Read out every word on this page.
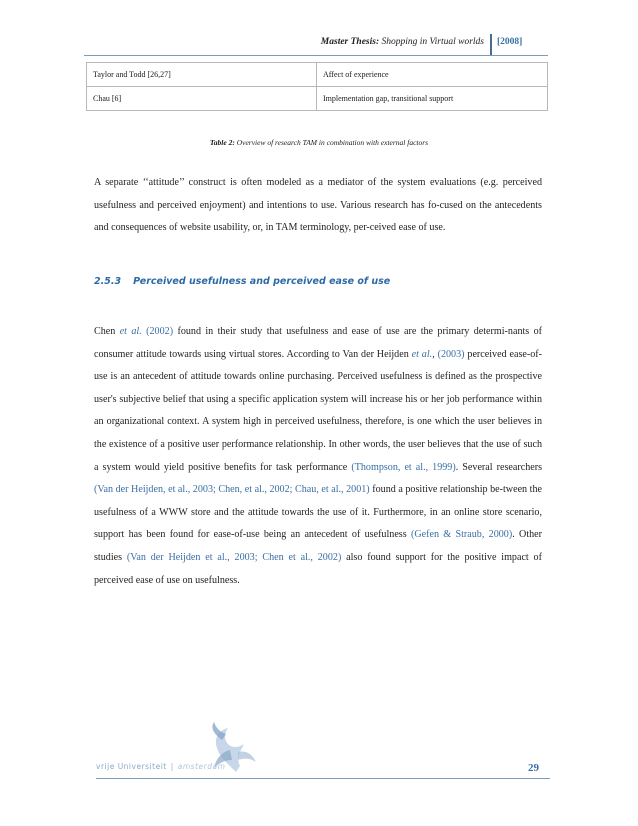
Master Thesis: Shopping in Virtual worlds [2008]
Taylor and Todd [26,27]	Affect of experience
Chau [6]	Implementation gap, transitional support
Table 2: Overview of research TAM in combination with external factors

A separate ‘‘attitude’’ construct is often modeled as a mediator of the system evaluations (e.g. perceived usefulness and perceived enjoyment) and intentions to use. Various research has fo-cused on the antecedents and consequences of website usability, or, in TAM terminology, per-ceived ease of use.

2.5.3 Perceived usefulness and perceived ease of use

Chen et al. (2002) found in their study that usefulness and ease of use are the primary determi-nants of consumer attitude towards using virtual stores. According to Van der Heijden et al., (2003) perceived ease-of-use is an antecedent of attitude towards online purchasing. Perceived usefulness is defined as the prospective user's subjective belief that using a specific application system will increase his or her job performance within an organizational context. A system high in perceived usefulness, therefore, is one which the user believes in the existence of a positive user performance relationship. In other words, the user believes that the use of such a system would yield positive benefits for task performance (Thompson, et al., 1999). Several researchers (Van der Heijden, et al., 2003; Chen, et al., 2002; Chau, et al., 2001) found a positive relationship be-tween the usefulness of a WWW store and the attitude towards the use of it. Furthermore, in an online store scenario, support has been found for ease-of-use being an antecedent of usefulness (Gefen & Straub, 2000). Other studies (Van der Heijden et al., 2003; Chen et al., 2002) also found support for the positive impact of perceived ease of use on usefulness.

vrije Universiteit | amsterdam	29
